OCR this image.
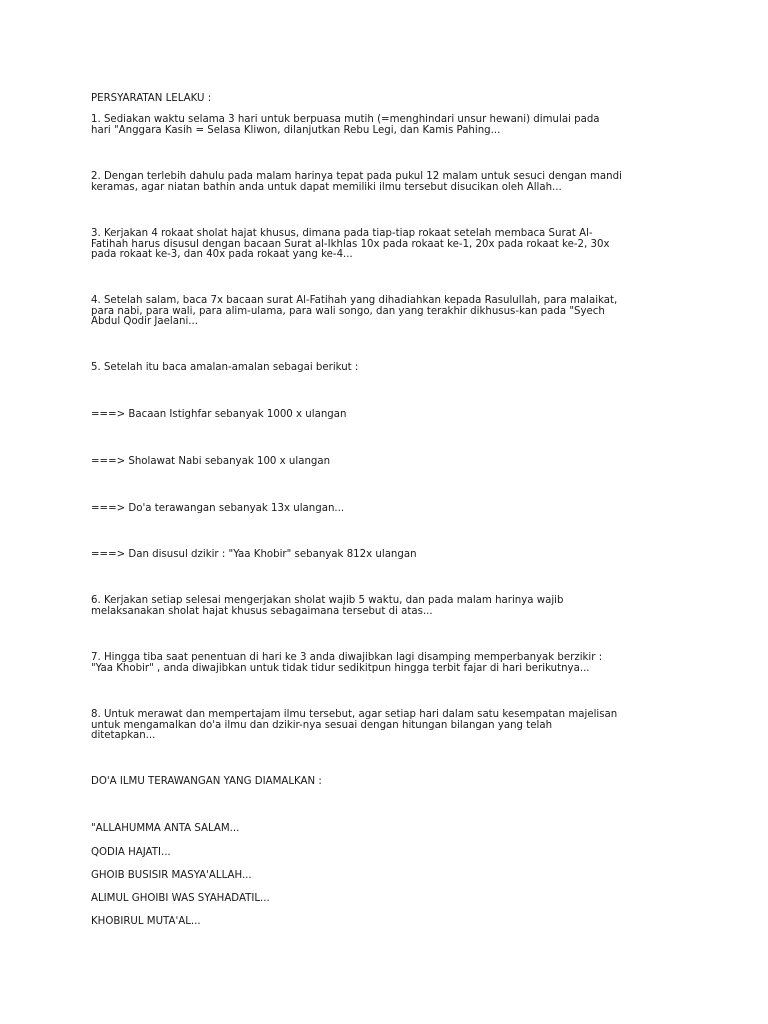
PERSYARATAN LELAKU :

1. Sediakan waktu selama 3 hari untuk berpuasa mutih (=menghindari unsur hewani) dimulai pada
hari "Anggara Kasih = Selasa Kliwon, dilanjutkan Rebu Legi, dan Kamis Pahing...

2. Dengan terlebih dahulu pada malam harinya tepat pada pukul 12 malam untuk sesuci dengan mandi
keramas, agar niatan bathin anda untuk dapat memiliki ilmu tersebut disucikan oleh Allah...

3. Kerjakan 4 rokaat sholat hajat khusus, dimana pada tiap-tiap rokaat setelah membaca Surat Al-
Fatihah harus disusul dengan bacaan Surat al-Ikhlas 10x pada rokaat ke-1, 20x pada rokaat ke-2, 30x
pada rokaat ke-3, dan 40x pada rokaat yang ke-4...

4. Setelah salam, baca 7x bacaan surat Al-Fatihah yang dihadiahkan kepada Rasulullah, para malaikat,
para nabi, para wali, para alim-ulama, para wali songo, dan yang terakhir dikhusus-kan pada "Syech
Abdul Qodir Jaelani...

5. Setelah itu baca amalan-amalan sebagai berikut :

===> Bacaan Istighfar sebanyak 1000 x ulangan

===> Sholawat Nabi sebanyak 100 x ulangan

===> Do'a terawangan sebanyak 13x ulangan...

===> Dan disusul dzikir : "Yaa Khobir" sebanyak 812x ulangan

6. Kerjakan setiap selesai mengerjakan sholat wajib 5 waktu, dan pada malam harinya wajib
melaksanakan sholat hajat khusus sebagaimana tersebut di atas...

7. Hingga tiba saat penentuan di hari ke 3 anda diwajibkan lagi disamping memperbanyak berzikir :
"Yaa Khobir" , anda diwajibkan untuk tidak tidur sedikitpun hingga terbit fajar di hari berikutnya...

8. Untuk merawat dan mempertajam ilmu tersebut, agar setiap hari dalam satu kesempatan majelisan
untuk mengamalkan do'a ilmu dan dzikir-nya sesuai dengan hitungan bilangan yang telah
ditetapkan...

DO'A ILMU TERAWANGAN YANG DIAMALKAN :

"ALLAHUMMA ANTA SALAM...

QODIA HAJATI...

GHOIB BUSISIR MASYA'ALLAH...

ALIMUL GHOIBI WAS SYAHADATIL...

KHOBIRUL MUTA'AL...
